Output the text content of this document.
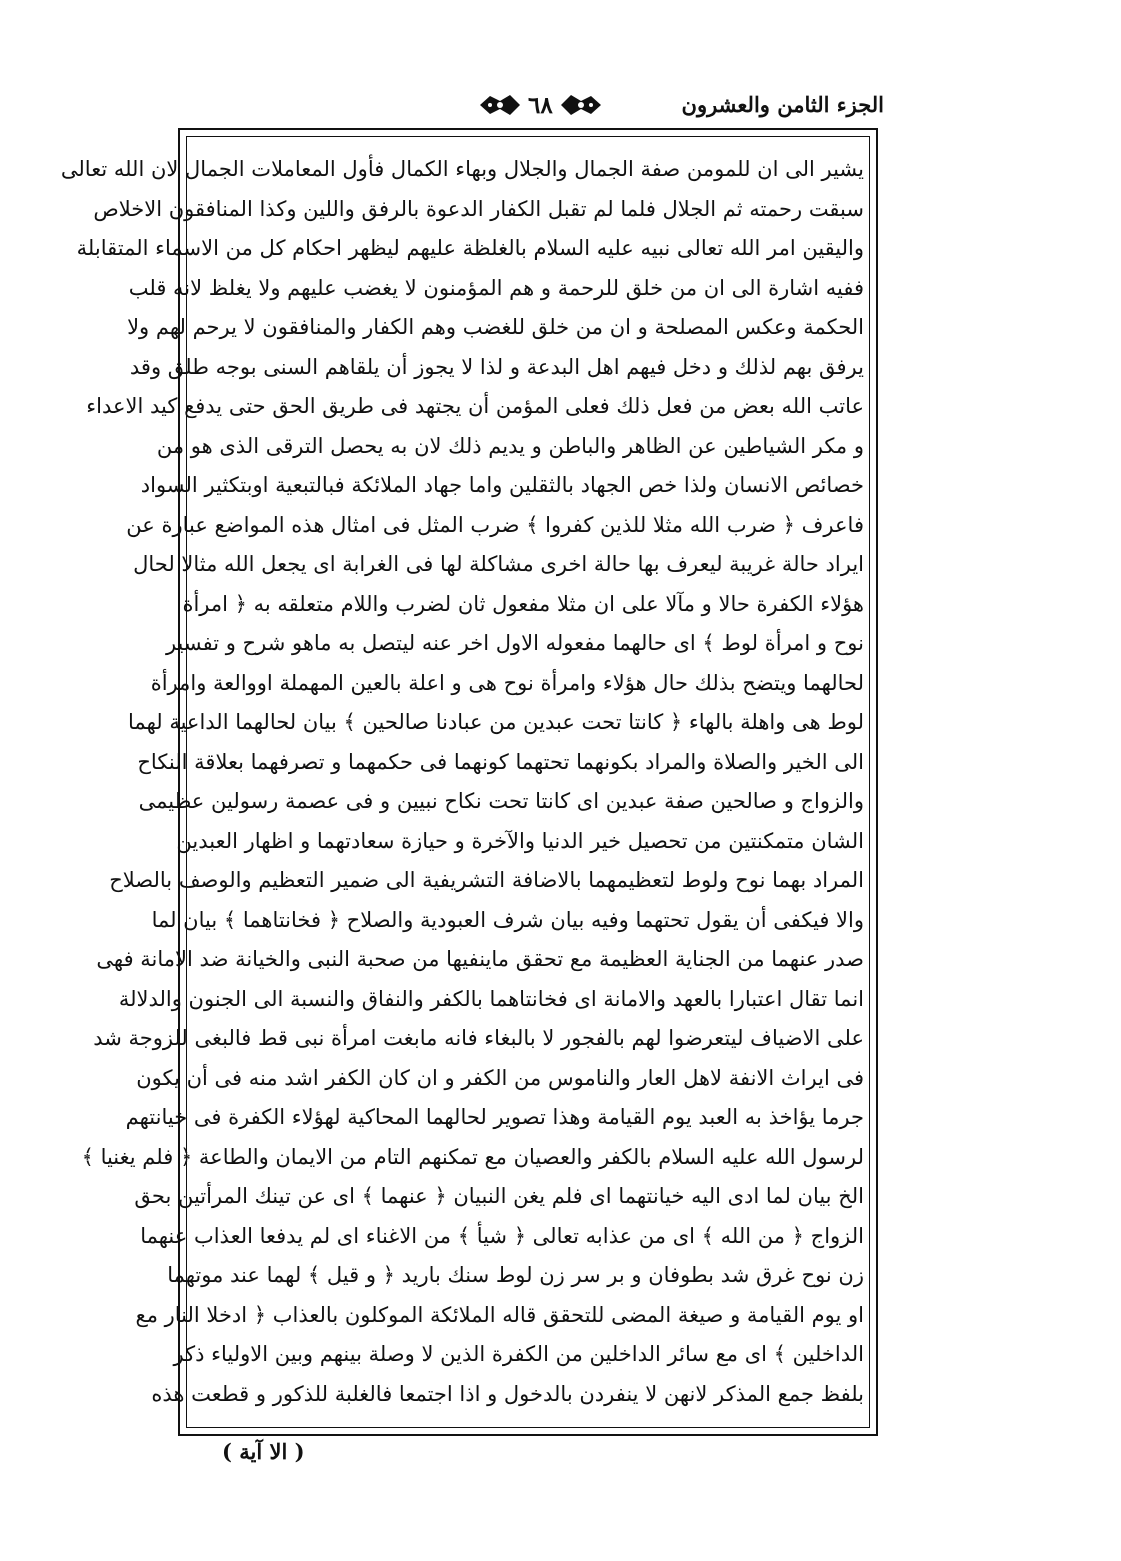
الجزء الثامن والعشرون
٦٨
يشير الى ان للمومن صفة الجمال والجلال وبهاء الكمال فأول المعاملات الجمال لان الله تعالى
سبقت رحمته ثم الجلال فلما لم تقبل الكفار الدعوة بالرفق واللين وكذا المنافقون الاخلاص
واليقين امر الله تعالى نبيه عليه السلام بالغلظة عليهم ليظهر احكام كل من الاسماء المتقابلة
ففيه اشارة الى ان من خلق للرحمة و هم المؤمنون لا يغضب عليهم ولا يغلظ لانه قلب
الحكمة وعكس المصلحة و ان من خلق للغضب وهم الكفار والمنافقون لا يرحم لهم ولا
يرفق بهم لذلك و دخل فيهم اهل البدعة و لذا لا يجوز أن يلقاهم السنى بوجه طلق وقد
عاتب الله بعض من فعل ذلك فعلى المؤمن أن يجتهد فى طريق الحق حتى يدفع كيد الاعداء
و مكر الشياطين عن الظاهر والباطن و يديم ذلك لان به يحصل الترقى الذى هو من
خصائص الانسان ولذا خص الجهاد بالثقلين واما جهاد الملائكة فبالتبعية اوبتكثير السواد
فاعرف ﴿ ضرب الله مثلا للذين كفروا ﴾ ضرب المثل فى امثال هذه المواضع عبارة عن
ايراد حالة غريبة ليعرف بها حالة اخرى مشاكلة لها فى الغرابة اى يجعل الله مثالا لحال
هؤلاء الكفرة حالا و مآلا على ان مثلا مفعول ثان لضرب واللام متعلقه به ﴿ امرأة
نوح و امرأة لوط ﴾ اى حالهما مفعوله الاول اخر عنه ليتصل به ماهو شرح و تفسير
لحالهما ويتضح بذلك حال هؤلاء وامرأة نوح هى و اعلة بالعين المهملة اووالعة وامرأة
لوط هى واهلة بالهاء ﴿ كانتا تحت عبدين من عبادنا صالحين ﴾ بيان لحالهما الداعية لهما
الى الخير والصلاة والمراد بكونهما تحتهما كونهما فى حكمهما و تصرفهما بعلاقة النكاح
والزواج و صالحين صفة عبدين اى كانتا تحت نكاح نبيين و فى عصمة رسولين عظيمى
الشان متمكنتين من تحصيل خير الدنيا والآخرة و حيازة سعادتهما و اظهار العبدين
المراد بهما نوح ولوط لتعظيمهما بالاضافة التشريفية الى ضمير التعظيم والوصف بالصلاح
والا فيكفى أن يقول تحتهما وفيه بيان شرف العبودية والصلاح ﴿ فخانتاهما ﴾ بيان لما
صدر عنهما من الجناية العظيمة مع تحقق ماينفيها من صحبة النبى والخيانة ضد الامانة فهى
انما تقال اعتبارا بالعهد والامانة اى فخانتاهما بالكفر والنفاق والنسبة الى الجنون والدلالة
على الاضياف ليتعرضوا لهم بالفجور لا بالبغاء فانه مابغت امرأة نبى قط فالبغى للزوجة شد
فى ايراث الانفة لاهل العار والناموس من الكفر و ان كان الكفر اشد منه فى أن يكون
جرما يؤاخذ به العبد يوم القيامة وهذا تصوير لحالهما المحاكية لهؤلاء الكفرة فى خيانتهم
لرسول الله عليه السلام بالكفر والعصيان مع تمكنهم التام من الايمان والطاعة ﴿ فلم يغنيا ﴾
الخ بيان لما ادى اليه خيانتهما اى فلم يغن النبيان ﴿ عنهما ﴾ اى عن تينك المرأتين بحق
الزواج ﴿ من الله ﴾ اى من عذابه تعالى ﴿ شيأ ﴾ من الاغناء اى لم يدفعا العذاب عنهما
زن نوح غرق شد بطوفان و بر سر زن لوط سنك باريد ﴿ و قيل ﴾ لهما عند موتهما
او يوم القيامة و صيغة المضى للتحقق قاله الملائكة الموكلون بالعذاب ﴿ ادخلا النار مع
الداخلين ﴾ اى مع سائر الداخلين من الكفرة الذين لا وصلة بينهم وبين الاولياء ذكر
بلفظ جمع المذكر لانهن لا ينفردن بالدخول و اذا اجتمعا فالغلبة للذكور و قطعت هذه
( الا آية )
